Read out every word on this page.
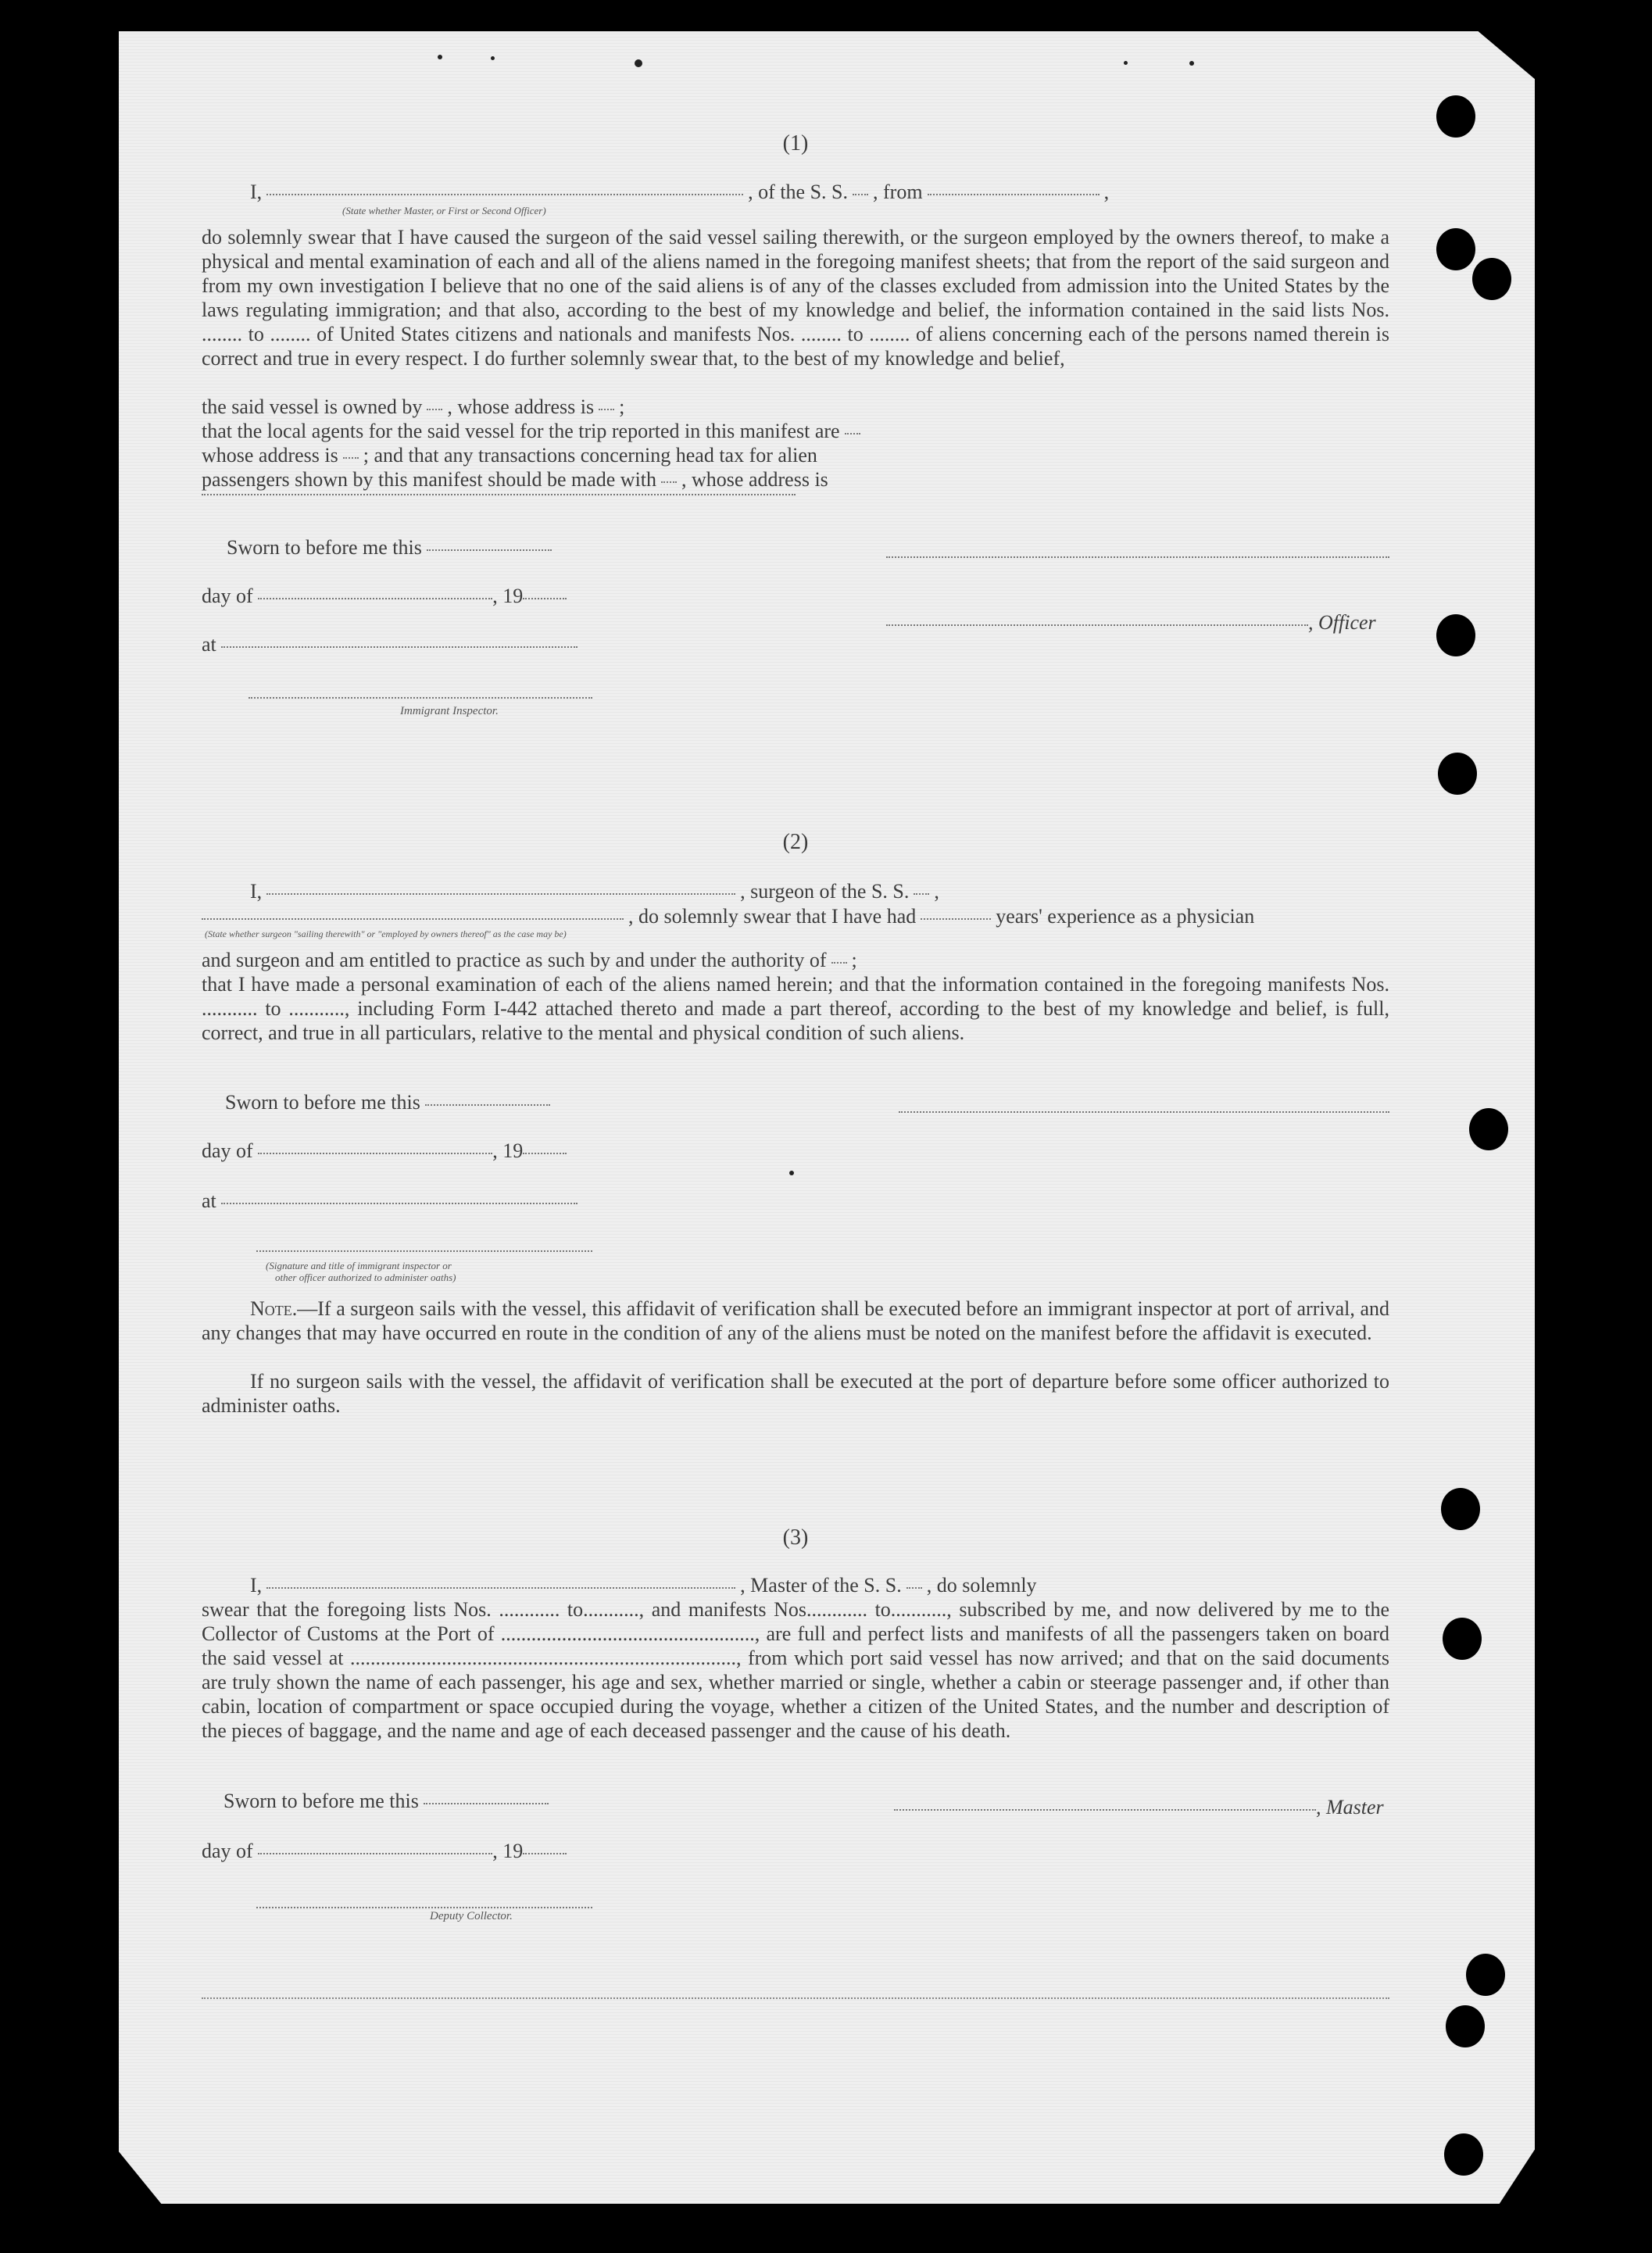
(1)
I,	, of the S. S. , from	,
(State whether Master, or First or Second Officer)
do solemnly swear that I have caused the surgeon of the said vessel sailing therewith, or the surgeon employed by the owners thereof, to make a physical and mental examination of each and all of the aliens named in the foregoing manifest sheets; that from the report of the said surgeon and from my own investigation I believe that no one of the said aliens is of any of the classes excluded from admission into the United States by the laws regulating immigration; and that also, according to the best of my knowledge and belief, the information contained in the said lists Nos. ........ to ........ of United States citizens and nationals and manifests Nos. ........ to ........ of aliens concerning each of the persons named therein is correct and true in every respect. I do further solemnly swear that, to the best of my knowledge and belief,
the said vessel is owned by , whose address is ;
that the local agents for the said vessel for the trip reported in this manifest are
whose address is ; and that any transactions concerning head tax for alien
passengers shown by this manifest should be made with , whose address is
Sworn to before me this
day of	, 19
, Officer
at
Immigrant Inspector.
(2)
I,	, surgeon of the S. S. ,
, do solemnly swear that I have had	years' experience as a physician
(State whether surgeon "sailing therewith" or "employed by owners thereof" as the case may be)
and surgeon and am entitled to practice as such by and under the authority of ;
that I have made a personal examination of each of the aliens named herein; and that the information contained in the foregoing manifests Nos. ........... to ..........., including Form I-442 attached thereto and made a part thereof, according to the best of my knowledge and belief, is full, correct, and true in all particulars, relative to the mental and physical condition of such aliens.
Sworn to before me this
day of	, 19
at
(Signature and title of immigrant inspector or
other officer authorized to administer oaths)
Note.—If a surgeon sails with the vessel, this affidavit of verification shall be executed before an immigrant inspector at port of arrival, and any changes that may have occurred en route in the condition of any of the aliens must be noted on the manifest before the affidavit is executed.
If no surgeon sails with the vessel, the affidavit of verification shall be executed at the port of departure before some officer authorized to administer oaths.
(3)
I,	, Master of the S. S. , do solemnly
swear that the foregoing lists Nos. ............ to..........., and manifests Nos............ to..........., subscribed by me, and now delivered by me to the Collector of Customs at the Port of .................................................., are full and perfect lists and manifests of all the passengers taken on board the said vessel at ............................................................................, from which port said vessel has now arrived; and that on the said documents are truly shown the name of each passenger, his age and sex, whether married or single, whether a cabin or steerage passenger and, if other than cabin, location of compartment or space occupied during the voyage, whether a citizen of the United States, and the number and description of the pieces of baggage, and the name and age of each deceased passenger and the cause of his death.
Sworn to before me this	, Master
day of	, 19
Deputy Collector.
